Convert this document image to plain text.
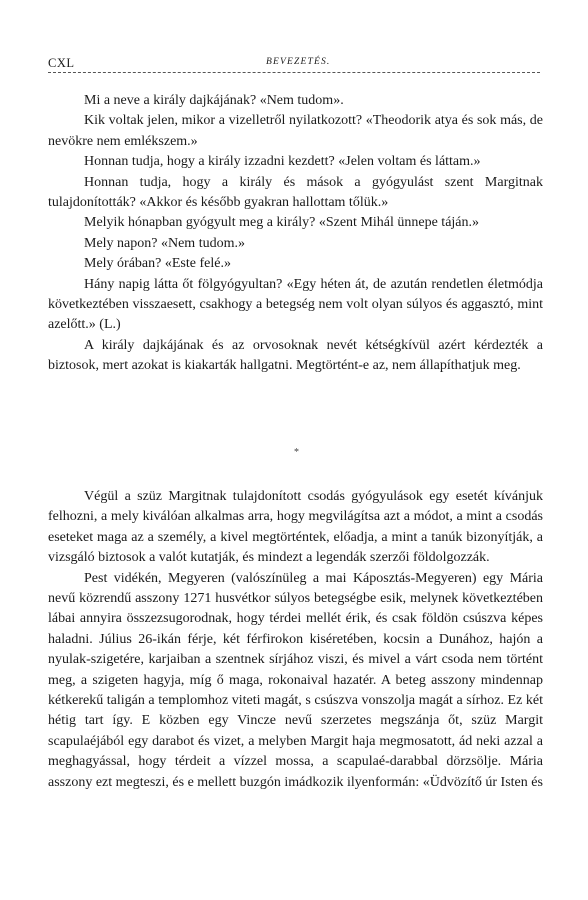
CXL	BEVEZETÉS.

Mi a neve a király dajkájának? «Nem tudom».

Kik voltak jelen, mikor a vizelletről nyilatkozott? «Theodorik atya és sok más, de nevökre nem emlékszem.»

Honnan tudja, hogy a király izzadni kezdett? «Jelen voltam és láttam.»

Honnan tudja, hogy a király és mások a gyógyulást szent Margitnak tulajdonították? «Akkor és később gyakran hallottam tőlük.»

Melyik hónapban gyógyult meg a király? «Szent Mihál ünnepe táján.»

Mely napon? «Nem tudom.»

Mely órában? «Este felé.»

Hány napig látta őt fölgyógyultan? «Egy héten át, de azután rendetlen életmódja következtében visszaesett, csakhogy a betegség nem volt olyan súlyos és aggasztó, mint azelőtt.» (L.)

A király dajkájának és az orvosoknak nevét kétségkívül azért kérdezték a biztosok, mert azokat is kiakarták hallgatni. Megtörtént-e az, nem állapíthatjuk meg.

*

Végül a szüz Margitnak tulajdonított csodás gyógyulások egy esetét kívánjuk felhozni, a mely kiválóan alkalmas arra, hogy megvilágítsa azt a módot, a mint a csodás eseteket maga az a személy, a kivel megtörténtek, előadja, a mint a tanúk bizonyítják, a vizsgáló biztosok a valót kutatják, és mindezt a legendák szerzői földolgozzák.

Pest vidékén, Megyeren (valószínüleg a mai Káposztás-Megyeren) egy Mária nevű közrendű asszony 1271 husvétkor súlyos betegségbe esik, melynek következtében lábai annyira összezsugorodnak, hogy térdei mellét érik, és csak földön csúszva képes haladni. Július 26-ikán férje, két férfirokon kiséretében, kocsin a Dunához, hajón a nyulak-szigetére, karjaiban a szentnek sírjához viszi, és mivel a várt csoda nem történt meg, a szigeten hagyja, míg ő maga, rokonaival hazatér. A beteg asszony mindennap kétkerekű taligán a templomhoz viteti magát, s csúszva vonszolja magát a sírhoz. Ez két hétig tart így. E közben egy Vincze nevű szerzetes megszánja őt, szüz Margit scapulaéjából egy darabot és vizet, a melyben Margit haja megmosatott, ád neki azzal a meghagyással, hogy térdeit a vízzel mossa, a scapulaé-darabbal dörzsölje. Mária asszony ezt megteszi, és e mellett buzgón imádkozik ilyenformán: «Üdvözítő úr Isten és
